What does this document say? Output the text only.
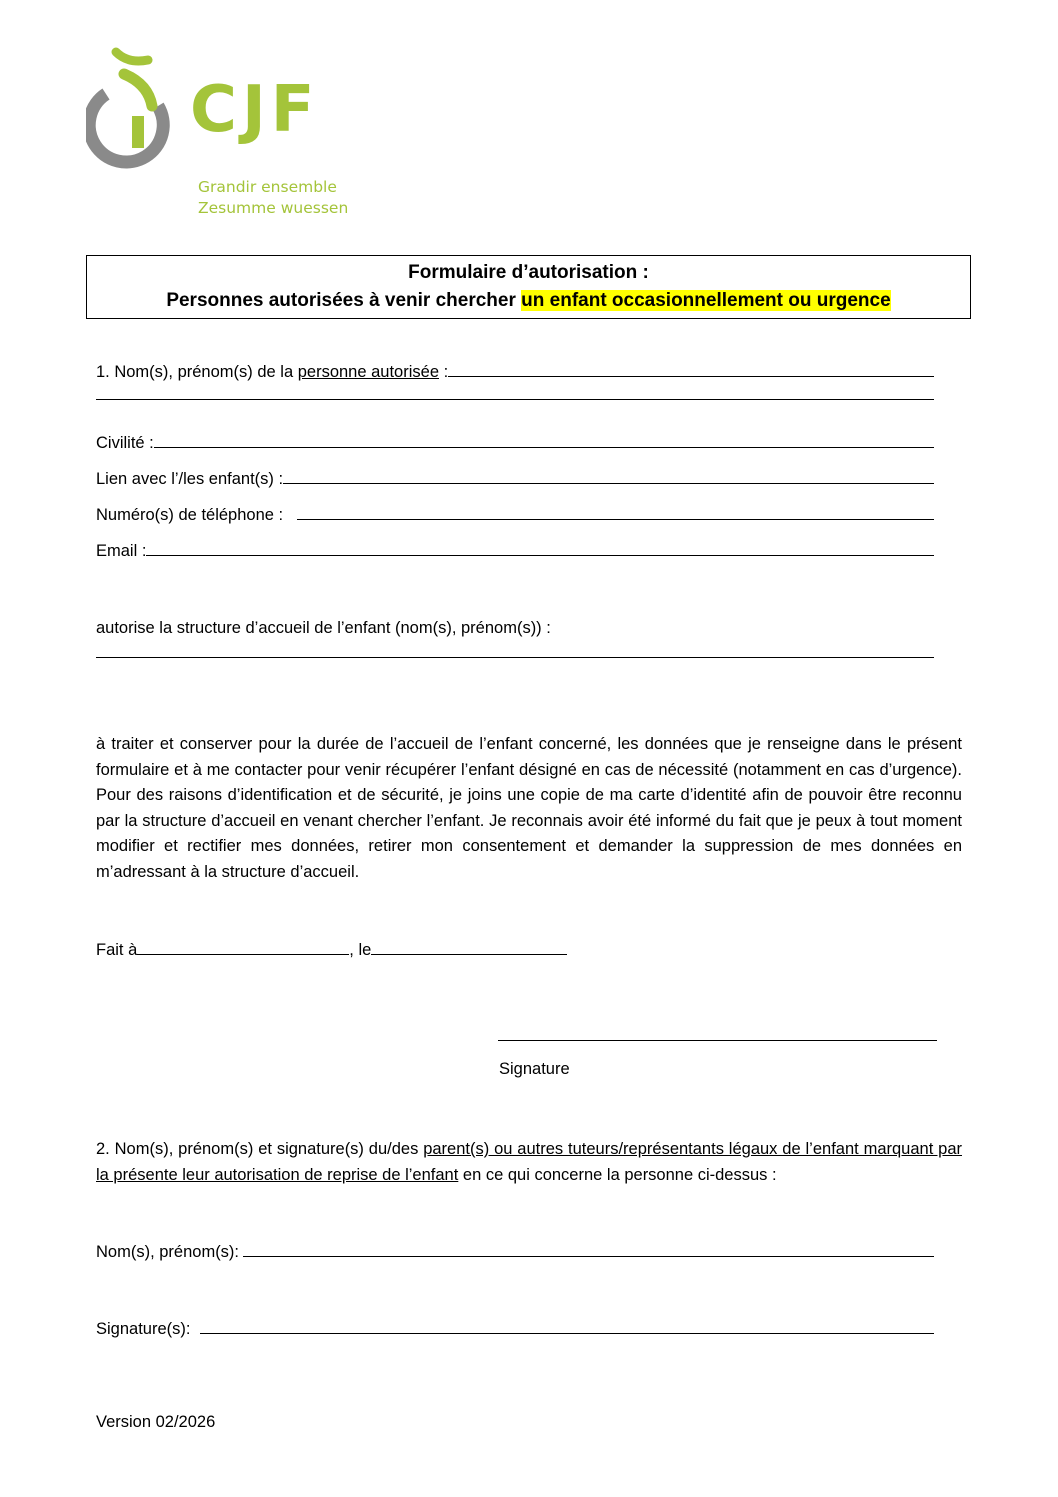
CJF
Grandir ensemble
Zesumme wuessen
Formulaire d’autorisation :
Personnes autorisées à venir chercher un enfant occasionnellement ou urgence
1. Nom(s), prénom(s) de la personne autorisée :
Civilité :
Lien avec l’/les enfant(s) :
Numéro(s) de téléphone :
Email :
autorise la structure d’accueil de l’enfant (nom(s), prénom(s)) :
à traiter et conserver pour la durée de l’accueil de l’enfant concerné, les données que je renseigne dans le présent formulaire et à me contacter pour venir récupérer l’enfant désigné en cas de nécessité (notamment en cas d’urgence). Pour des raisons d’identification et de sécurité, je joins une copie de ma carte d’identité afin de pouvoir être reconnu par la structure d’accueil en venant chercher l’enfant. Je reconnais avoir été informé du fait que je peux à tout moment modifier et rectifier mes données, retirer mon consentement et demander la suppression de mes données en m’adressant à la structure d’accueil.
Fait à	, le
Signature
2. Nom(s), prénom(s) et signature(s) du/des parent(s) ou autres tuteurs/représentants légaux de l’enfant marquant par la présente leur autorisation de reprise de l’enfant en ce qui concerne la personne ci-dessus :
Nom(s), prénom(s):
Signature(s):
Version 02/2026
